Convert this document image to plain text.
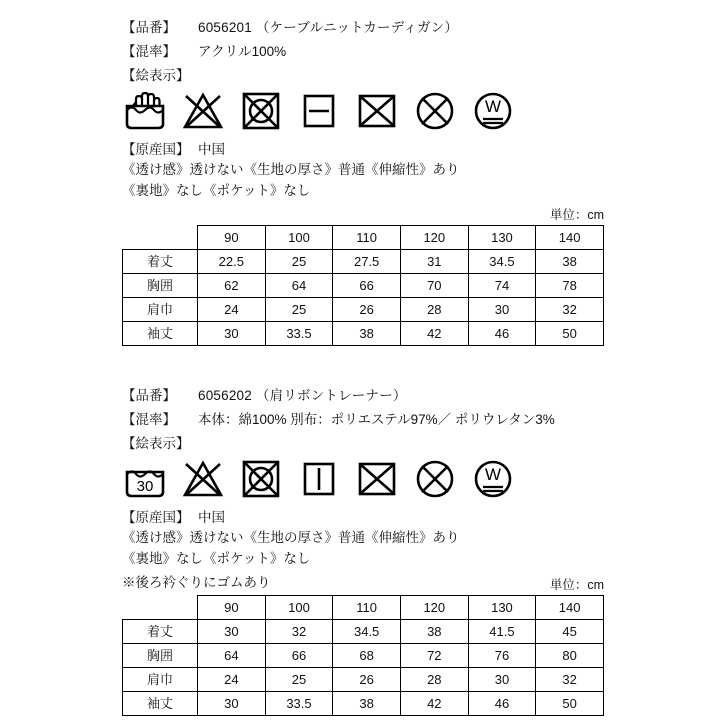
【品番】	6056201 （ケーブルニットカーディガン）
【混率】	アクリル100%
【絵表示】
W
【原産国】 中国
《透け感》透けない《生地の厚さ》普通《伸縮性》あり
《裏地》なし《ポケット》なし
単位：cm
	90	100	110	120	130	140
着丈	22.5	25	27.5	31	34.5	38
胸囲	62	64	66	70	74	78
肩巾	24	25	26	28	30	32
袖丈	30	33.5	38	42	46	50
【品番】	6056202 （肩リボントレーナー）
【混率】	本体：綿100% 別布：ポリエステル97%／ ポリウレタン3%
【絵表示】
30
W
【原産国】 中国
《透け感》透けない《生地の厚さ》普通《伸縮性》あり
《裏地》なし《ポケット》なし
※後ろ衿ぐりにゴムあり	単位：cm
	90	100	110	120	130	140
着丈	30	32	34.5	38	41.5	45
胸囲	64	66	68	72	76	80
肩巾	24	25	26	28	30	32
袖丈	30	33.5	38	42	46	50
